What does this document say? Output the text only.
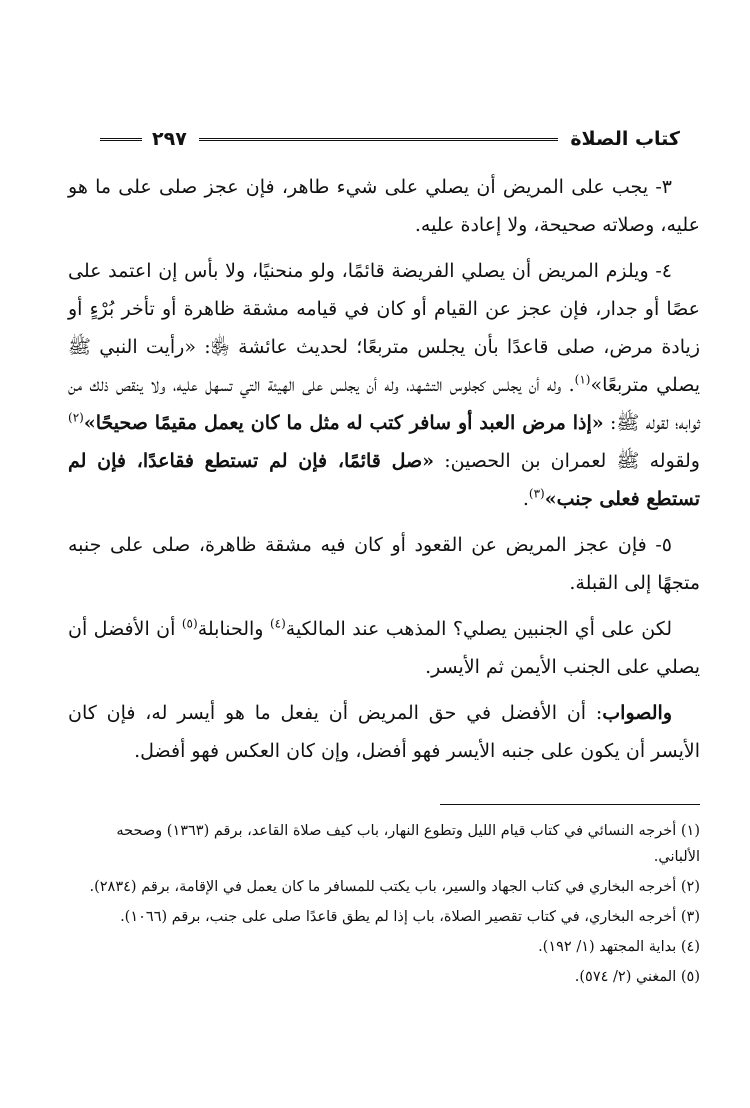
٢٩٧	كتاب الصلاة

٣- يجب على المريض أن يصلي على شيء طاهر، فإن عجز صلى على ما هو عليه، وصلاته صحيحة، ولا إعادة عليه.

٤- ويلزم المريض أن يصلي الفريضة قائمًا، ولو منحنيًا، ولا بأس إن اعتمد على عصًا أو جدار، فإن عجز عن القيام أو كان في قيامه مشقة ظاهرة أو تأخر بُرْءٍ أو زيادة مرض، صلى قاعدًا بأن يجلس متربعًا؛ لحديث عائشة ﵂: «رأيت النبي ﷺ يصلي متربعًا»$^{(١)}$. وله أن يجلس كجلوس التشهد، وله أن يجلس على الهيئة التي تسهل عليه، ولا ينقص ذلك من ثوابه؛ لقوله ﷺ: «إذا مرض العبد أو سافر كتب له مثل ما كان يعمل مقيمًا صحيحًا»$^{(٢)}$ ولقوله ﷺ لعمران بن الحصين: «صل قائمًا، فإن لم تستطع فقاعدًا، فإن لم تستطع فعلى جنب»$^{(٣)}$.

٥- فإن عجز المريض عن القعود أو كان فيه مشقة ظاهرة، صلى على جنبه متجهًا إلى القبلة.

لكن على أي الجنبين يصلي؟ المذهب عند المالكية$^{(٤)}$ والحنابلة$^{(٥)}$ أن الأفضل أن يصلي على الجنب الأيمن ثم الأيسر.

والصواب: أن الأفضل في حق المريض أن يفعل ما هو أيسر له، فإن كان الأيسر أن يكون على جنبه الأيسر فهو أفضل، وإن كان العكس فهو أفضل.

(١) أخرجه النسائي في كتاب قيام الليل وتطوع النهار، باب كيف صلاة القاعد، برقم (١٣٦٣) وصححه الألباني.

(٢) أخرجه البخاري في كتاب الجهاد والسير، باب يكتب للمسافر ما كان يعمل في الإقامة، برقم (٢٨٣٤).

(٣) أخرجه البخاري، في كتاب تقصير الصلاة، باب إذا لم يطق قاعدًا صلى على جنب، برقم (١٠٦٦).

(٤) بداية المجتهد (١/ ١٩٢).

(٥) المغني (٢/ ٥٧٤).
